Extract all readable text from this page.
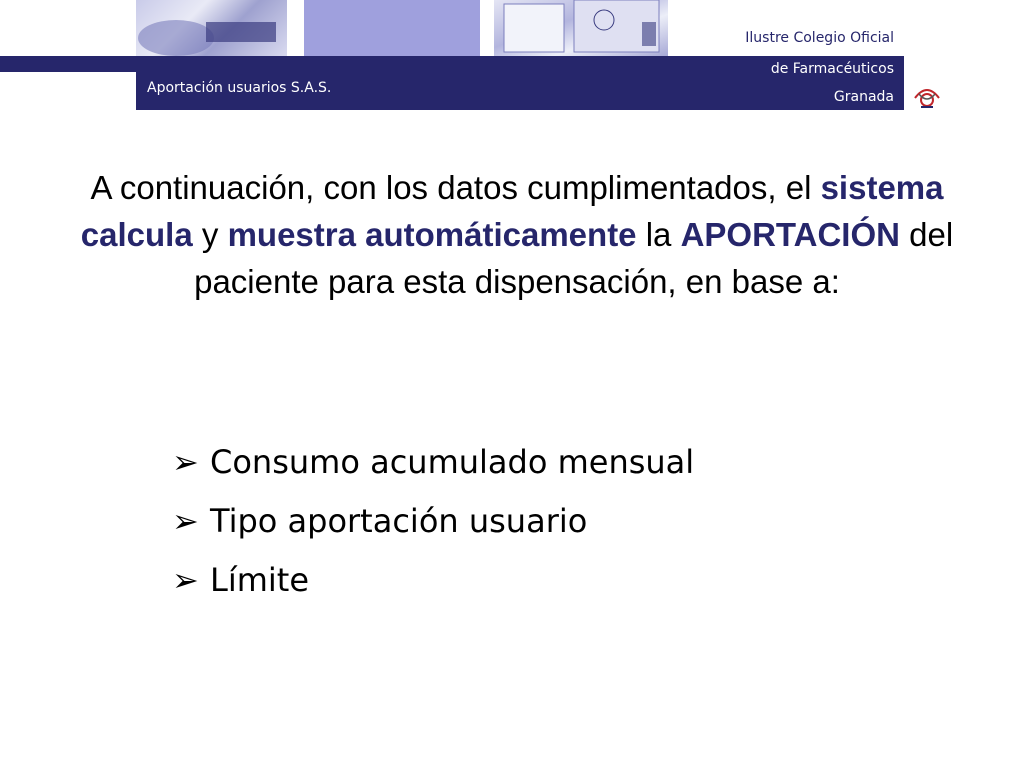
Ilustre Colegio Oficial
de Farmacéuticos
Granada
Aportación usuarios S.A.S.
A continuación, con los datos cumplimentados, el sistema calcula y muestra automáticamente la APORTACIÓN del paciente para esta dispensación, en base a:
➢ Consumo acumulado mensual
➢ Tipo aportación usuario
➢ Límite
